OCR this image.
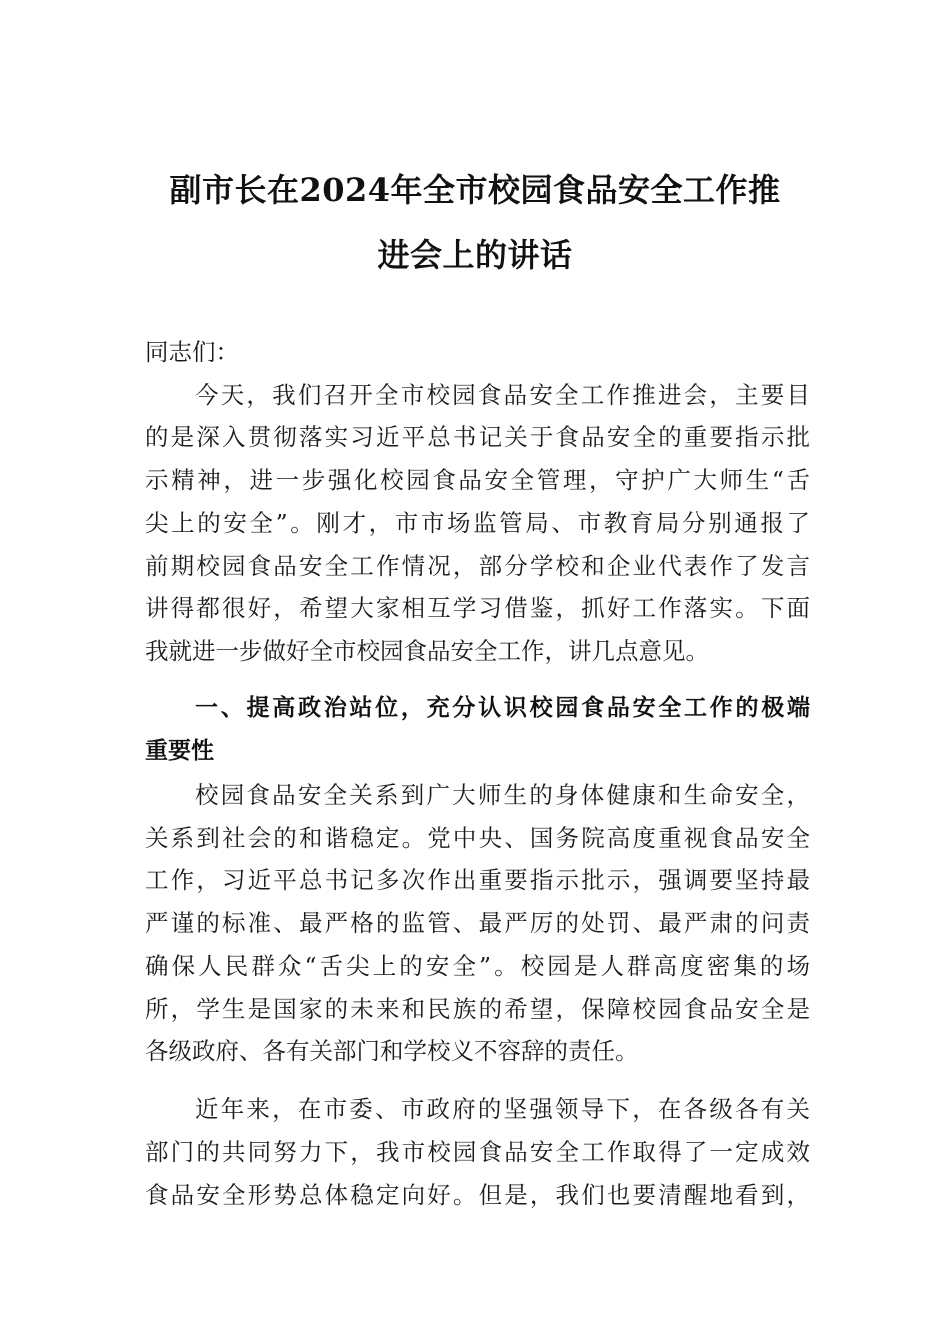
副市长在2024年全市校园食品安全工作推
进会上的讲话
同志们：
今天，我们召开全市校园食品安全工作推进会，主要目
的是深入贯彻落实习近平总书记关于食品安全的重要指示批
示精神，进一步强化校园食品安全管理，守护广大师生“舌
尖上的安全”。刚才，市市场监管局、市教育局分别通报了
前期校园食品安全工作情况，部分学校和企业代表作了发言
讲得都很好，希望大家相互学习借鉴，抓好工作落实。下面
我就进一步做好全市校园食品安全工作，讲几点意见。
一、提高政治站位，充分认识校园食品安全工作的极端
重要性
校园食品安全关系到广大师生的身体健康和生命安全，
关系到社会的和谐稳定。党中央、国务院高度重视食品安全
工作，习近平总书记多次作出重要指示批示，强调要坚持最
严谨的标准、最严格的监管、最严厉的处罚、最严肃的问责
确保人民群众“舌尖上的安全”。校园是人群高度密集的场
所，学生是国家的未来和民族的希望，保障校园食品安全是
各级政府、各有关部门和学校义不容辞的责任。
近年来，在市委、市政府的坚强领导下，在各级各有关
部门的共同努力下，我市校园食品安全工作取得了一定成效
食品安全形势总体稳定向好。但是，我们也要清醒地看到，
